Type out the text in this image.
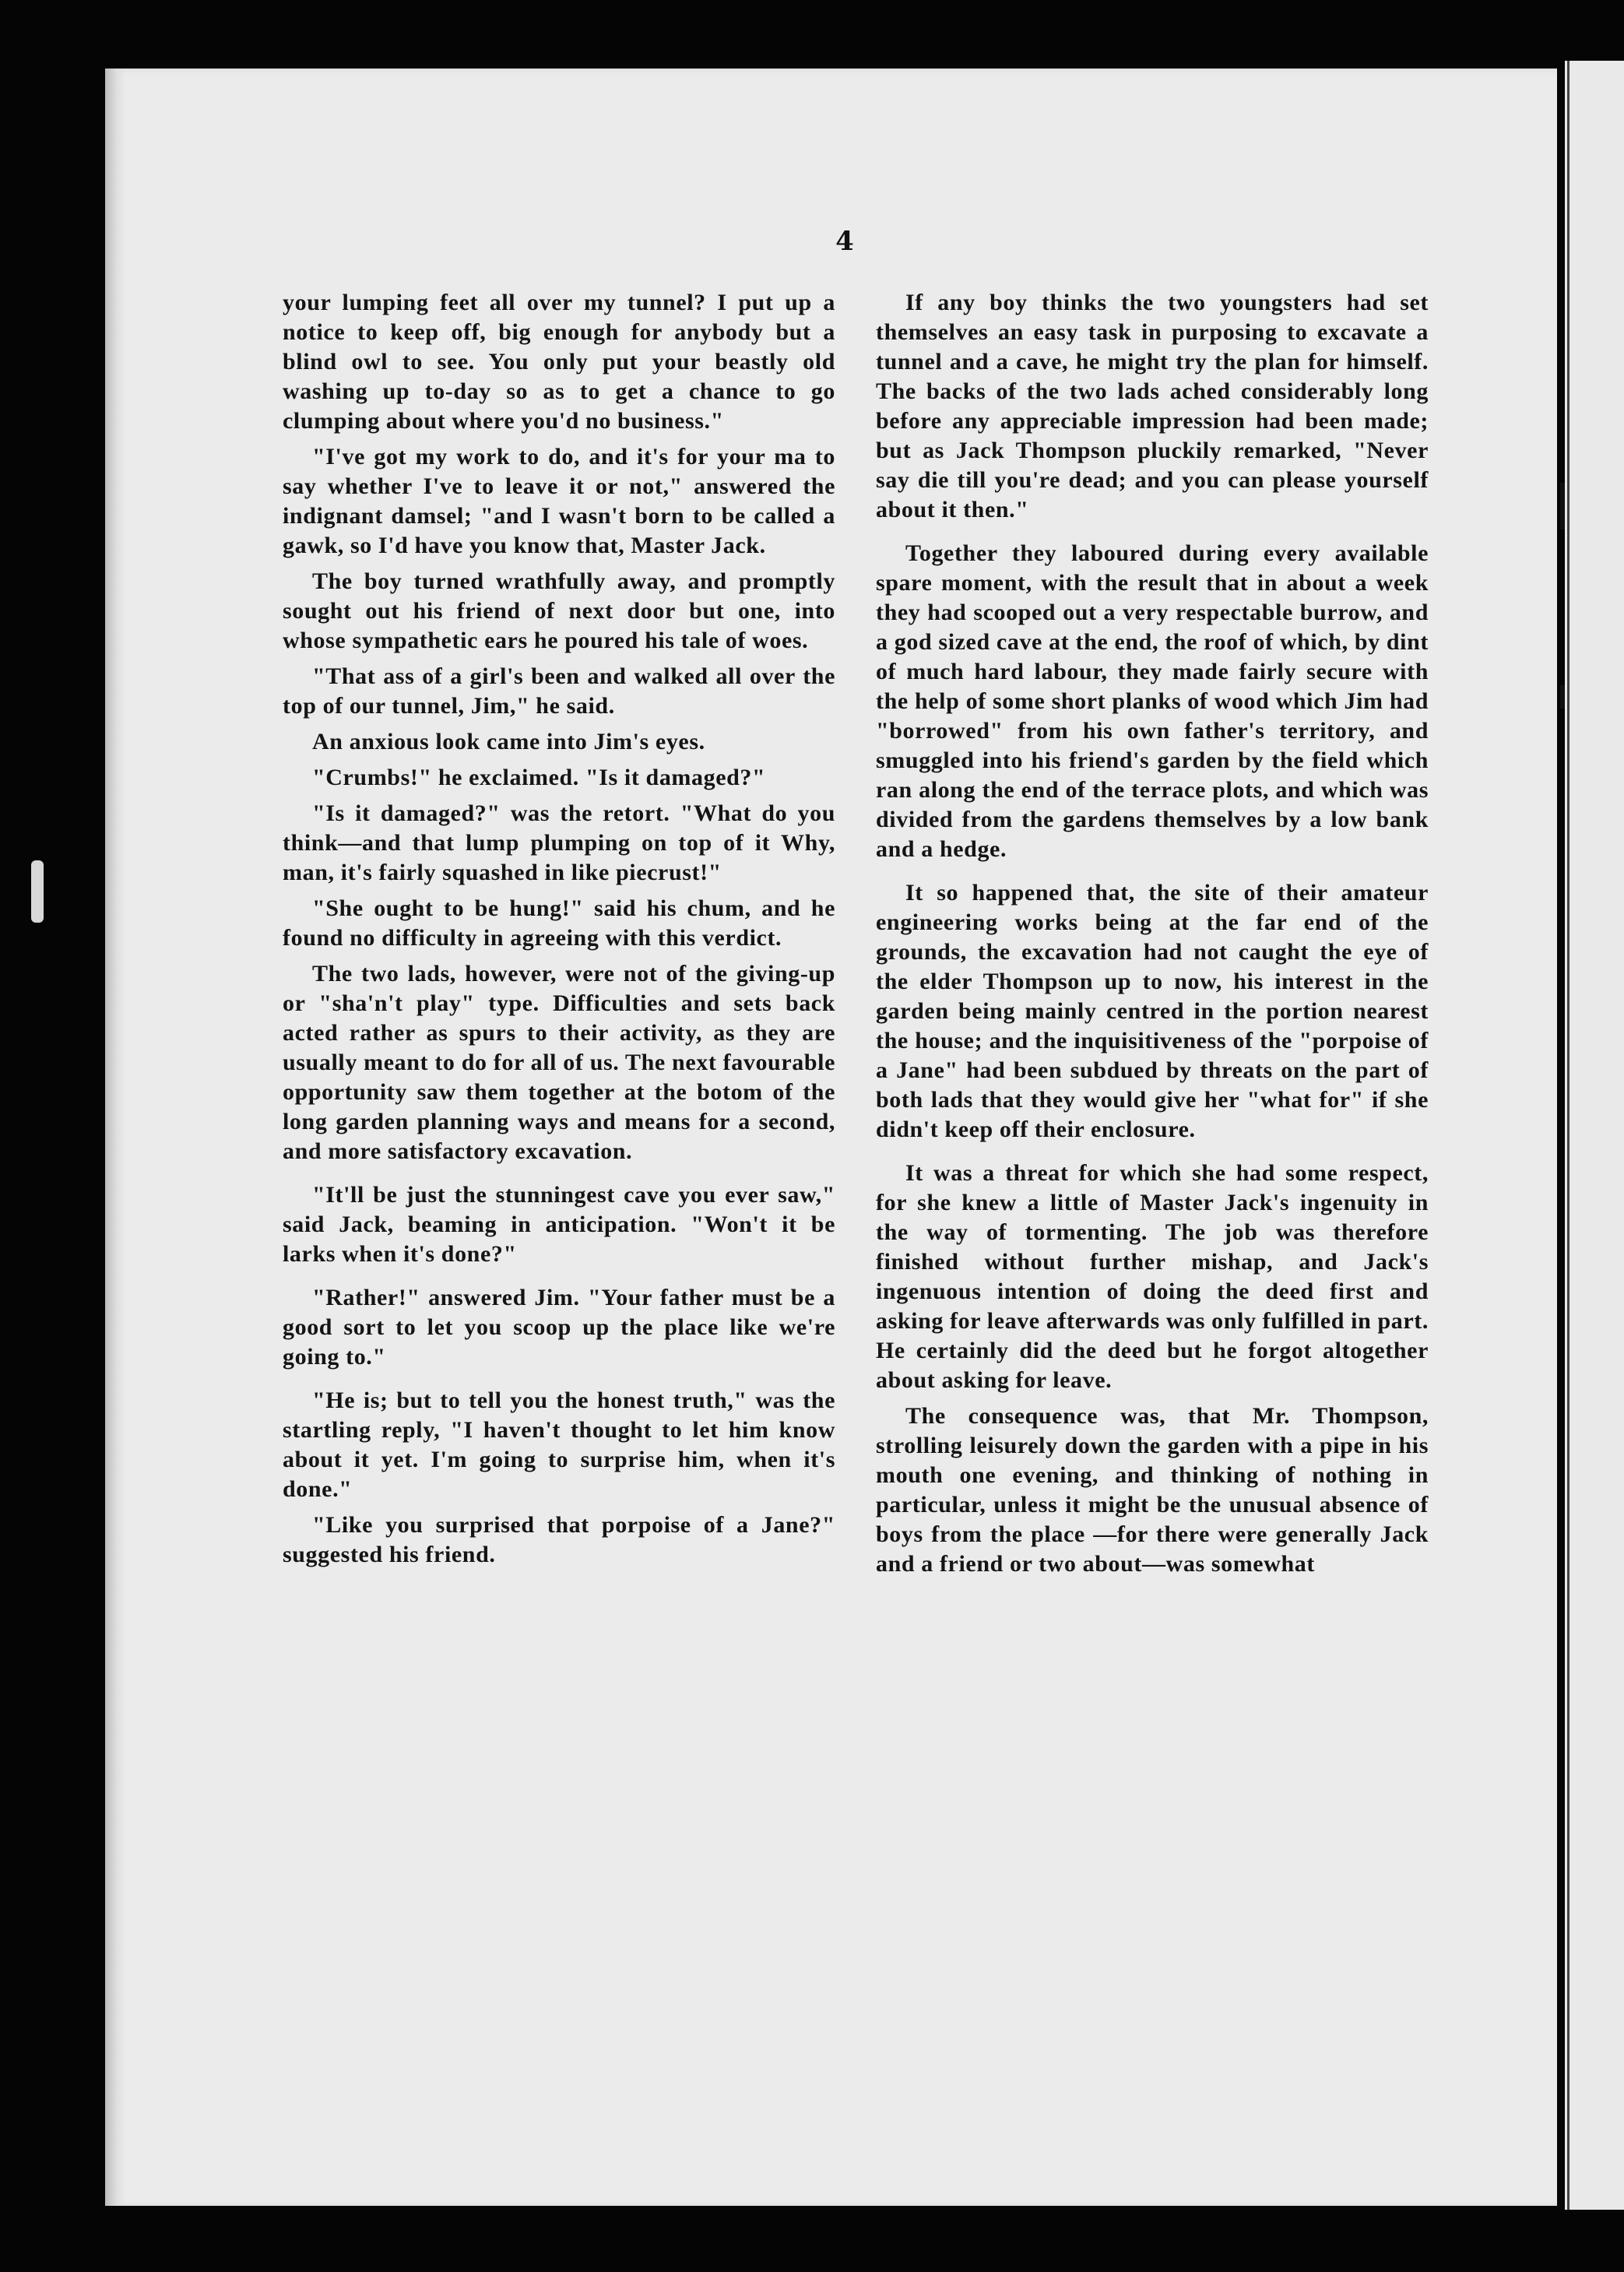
4

your lumping feet all over my tunnel? I put up a notice to keep off, big enough for anybody but a blind owl to see. You only put your beastly old washing up to-day so as to get a chance to go clumping about where you'd no business."

"I've got my work to do, and it's for your ma to say whether I've to leave it or not," answered the indignant damsel; "and I wasn't born to be called a gawk, so I'd have you know that, Master Jack.

The boy turned wrathfully away, and promptly sought out his friend of next door but one, into whose sympathetic ears he poured his tale of woes.

"That ass of a girl's been and walked all over the top of our tunnel, Jim," he said.

An anxious look came into Jim's eyes.

"Crumbs!" he exclaimed. "Is it damaged?"

"Is it damaged?" was the retort. "What do you think—and that lump plumping on top of it Why, man, it's fairly squashed in like piecrust!"

"She ought to be hung!" said his chum, and he found no difficulty in agreeing with this verdict.

The two lads, however, were not of the giving-up or "sha'n't play" type. Difficulties and sets back acted rather as spurs to their activity, as they are usually meant to do for all of us. The next favourable opportunity saw them together at the botom of the long garden planning ways and means for a second, and more satisfactory excavation.

"It'll be just the stunningest cave you ever saw," said Jack, beaming in anticipation. "Won't it be larks when it's done?"

"Rather!" answered Jim. "Your father must be a good sort to let you scoop up the place like we're going to."

"He is; but to tell you the honest truth," was the startling reply, "I haven't thought to let him know about it yet. I'm going to surprise him, when it's done."

"Like you surprised that porpoise of a Jane?" suggested his friend.

If any boy thinks the two youngsters had set themselves an easy task in purposing to excavate a tunnel and a cave, he might try the plan for himself. The backs of the two lads ached considerably long before any appreciable impression had been made; but as Jack Thompson pluckily remarked, "Never say die till you're dead; and you can please yourself about it then."

Together they laboured during every available spare moment, with the result that in about a week they had scooped out a very respectable burrow, and a god sized cave at the end, the roof of which, by dint of much hard labour, they made fairly secure with the help of some short planks of wood which Jim had "borrowed" from his own father's territory, and smuggled into his friend's garden by the field which ran along the end of the terrace plots, and which was divided from the gardens themselves by a low bank and a hedge.

It so happened that, the site of their amateur engineering works being at the far end of the grounds, the excavation had not caught the eye of the elder Thompson up to now, his interest in the garden being mainly centred in the portion nearest the house; and the inquisitiveness of the "porpoise of a Jane" had been subdued by threats on the part of both lads that they would give her "what for" if she didn't keep off their enclosure.

It was a threat for which she had some respect, for she knew a little of Master Jack's ingenuity in the way of tormenting. The job was therefore finished without further mishap, and Jack's ingenuous intention of doing the deed first and asking for leave afterwards was only fulfilled in part. He certainly did the deed but he forgot altogether about asking for leave.

The consequence was, that Mr. Thompson, strolling leisurely down the garden with a pipe in his mouth one evening, and thinking of nothing in particular, unless it might be the unusual absence of boys from the place —for there were generally Jack and a friend or two about—was somewhat
